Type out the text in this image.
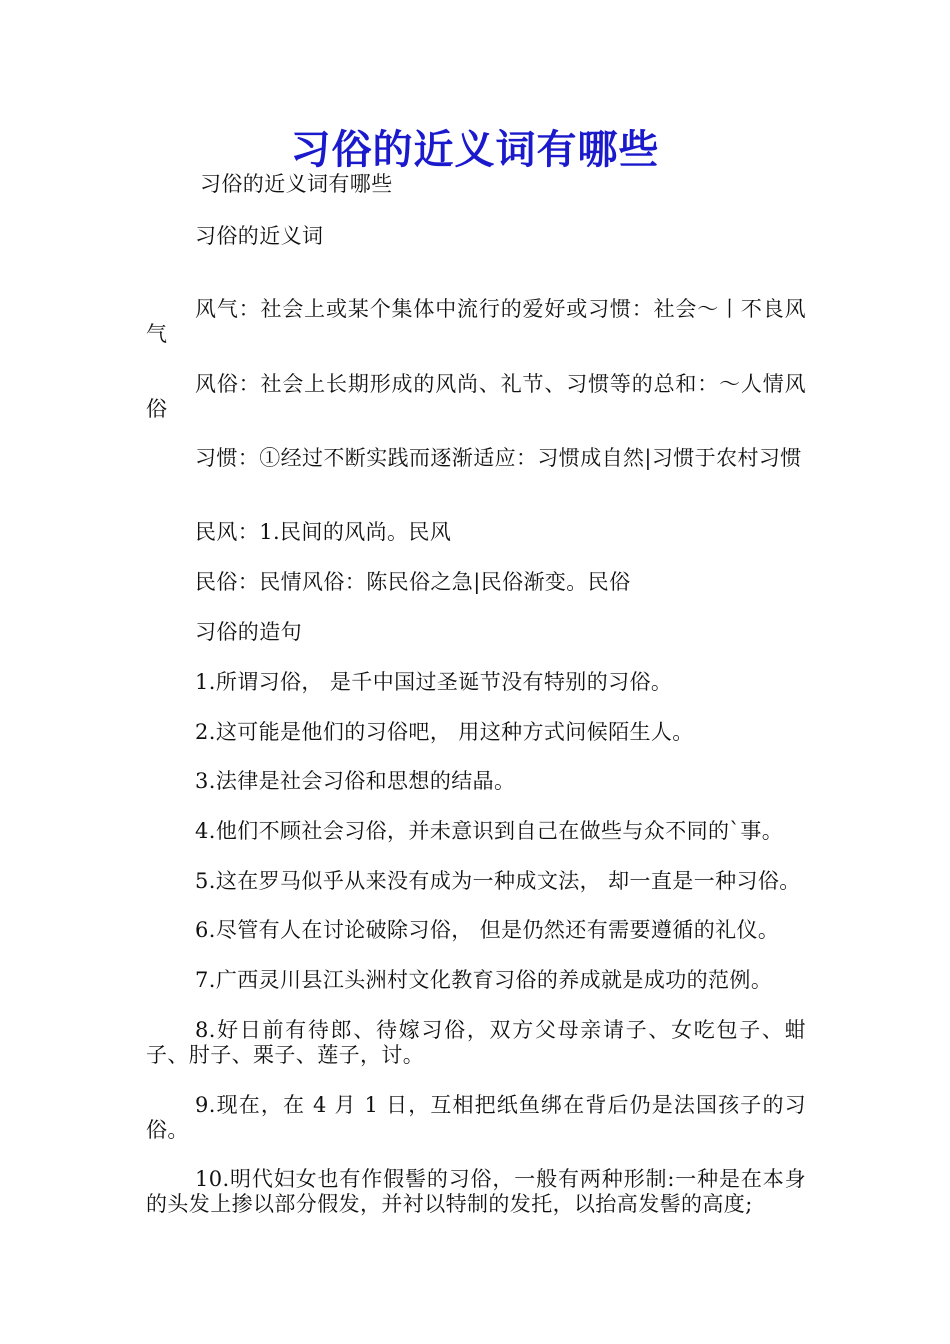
习俗的近义词有哪些

习俗的近义词有哪些

习俗的近义词

风气：社会上或某个集体中流行的爱好或习惯：社会～丨不良风气

风俗：社会上长期形成的风尚、礼节、习惯等的总和：～人情风俗

习惯：①经过不断实践而逐渐适应：习惯成自然|习惯于农村习惯

民风：1.民间的风尚。民风

民俗：民情风俗：陈民俗之急|民俗渐变。民俗

习俗的造句

1.所谓习俗， 是千中国过圣诞节没有特别的习俗。

2.这可能是他们的习俗吧， 用这种方式问候陌生人。

3.法律是社会习俗和思想的结晶。

4.他们不顾社会习俗，并未意识到自己在做些与众不同的`事。

5.这在罗马似乎从来没有成为一种成文法， 却一直是一种习俗。

6.尽管有人在讨论破除习俗， 但是仍然还有需要遵循的礼仪。

7.广西灵川县江头洲村文化教育习俗的养成就是成功的范例。

8.好日前有待郎、待嫁习俗，双方父母亲请子、女吃包子、蚶子、肘子、栗子、莲子，讨。

9.现在，在 4 月 1 日，互相把纸鱼绑在背后仍是法国孩子的习俗。

10.明代妇女也有作假髻的习俗，一般有两种形制:一种是在本身的头发上掺以部分假发，并衬以特制的发托，以抬高发髻的高度;
